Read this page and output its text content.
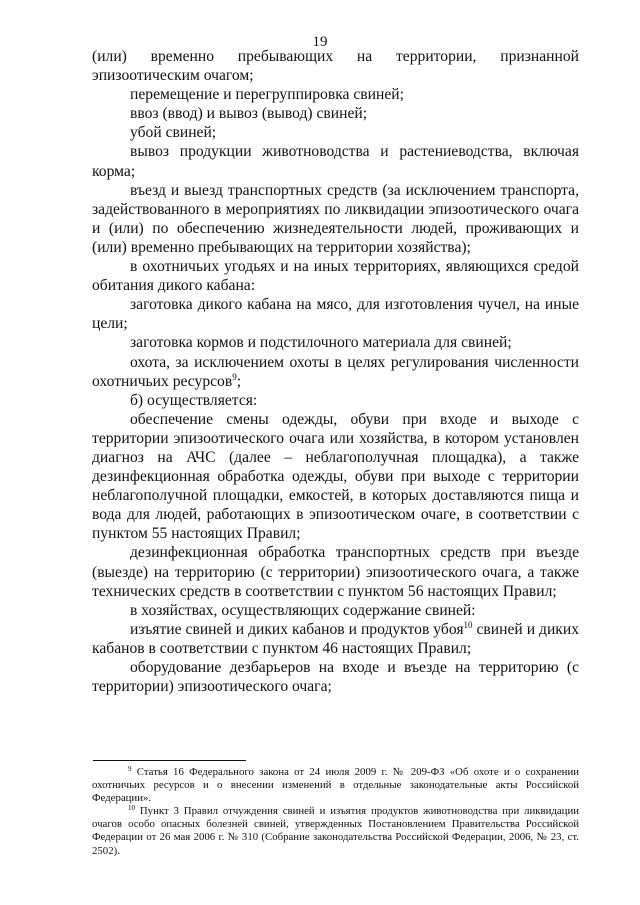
19

(или) временно пребывающих на территории, признанной эпизоотическим очагом;

перемещение и перегруппировка свиней;

ввоз (ввод) и вывоз (вывод) свиней;

убой свиней;

вывоз продукции животноводства и растениеводства, включая корма;

въезд и выезд транспортных средств (за исключением транспорта, задействованного в мероприятиях по ликвидации эпизоотического очага и (или) по обеспечению жизнедеятельности людей, проживающих и (или) временно пребывающих на территории хозяйства);

в охотничьих угодьях и на иных территориях, являющихся средой обитания дикого кабана:

заготовка дикого кабана на мясо, для изготовления чучел, на иные цели;

заготовка кормов и подстилочного материала для свиней;

охота, за исключением охоты в целях регулирования численности охотничьих ресурсов$^9$;

б) осуществляется:

обеспечение смены одежды, обуви при входе и выходе с территории эпизоотического очага или хозяйства, в котором установлен диагноз на АЧС (далее – неблагополучная площадка), а также дезинфекционная обработка одежды, обуви при выходе с территории неблагополучной площадки, емкостей, в которых доставляются пища и вода для людей, работающих в эпизоотическом очаге, в соответствии с пунктом 55 настоящих Правил;

дезинфекционная обработка транспортных средств при въезде (выезде) на территорию (с территории) эпизоотического очага, а также технических средств в соответствии с пунктом 56 настоящих Правил;

в хозяйствах, осуществляющих содержание свиней:

изъятие свиней и диких кабанов и продуктов убоя$^{10}$ свиней и диких кабанов в соответствии с пунктом 46 настоящих Правил;

оборудование дезбарьеров на входе и въезде на территорию (с территории) эпизоотического очага;

$^9$ Статья 16 Федерального закона от 24 июля 2009 г. № 209-ФЗ «Об охоте и о сохранении охотничьих ресурсов и о внесении изменений в отдельные законодательные акты Российской Федерации».

$^{10}$ Пункт 3 Правил отчуждения свиней и изъятия продуктов животноводства при ликвидации очагов особо опасных болезней свиней, утвержденных Постановлением Правительства Российской Федерации от 26 мая 2006 г. № 310 (Собрание законодательства Российской Федерации, 2006, № 23, ст. 2502).
